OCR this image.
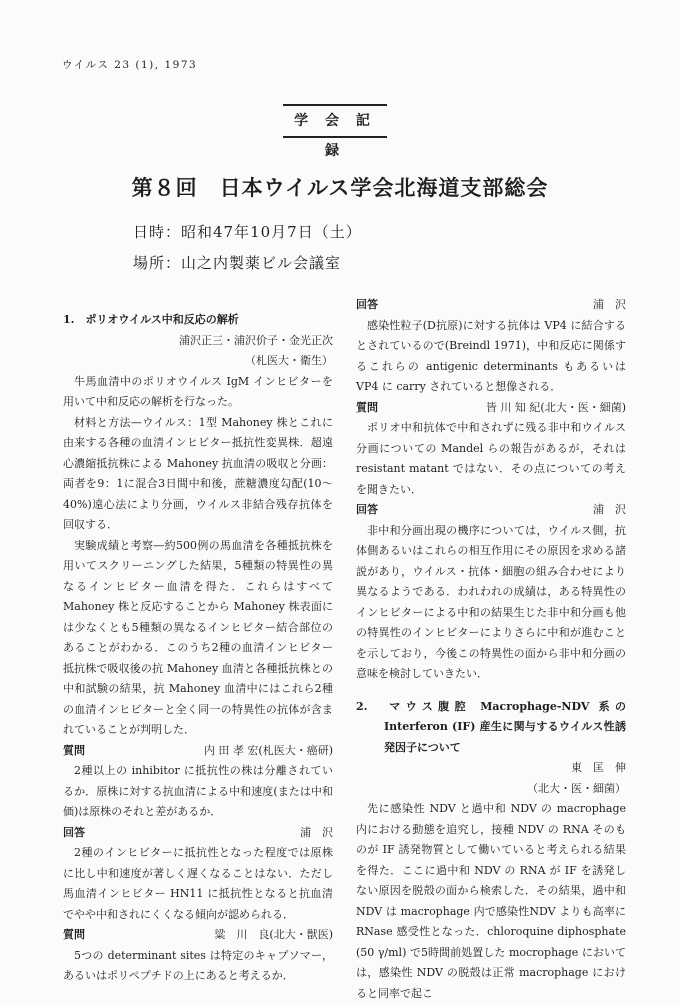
ウイルス 23 (1), 1973
学 会 記 録
第８回　日本ウイルス学会北海道支部総会
日時：昭和47年10月7日（土）
場所：山之内製薬ビル会議室

1.　ポリオウイルス中和反応の解析

浦沢正三・浦沢价子・金光正次

（札医大・衛生）

牛馬血清中のポリオウイルス IgM インヒビターを用いて中和反応の解析を行なった。

材料と方法—ウイルス：1型 Mahoney 株とこれに由来する各種の血清インヒビター抵抗性変異株．超遠心濃縮抵抗株による Mahoney 抗血清の吸収と分画：両者を9：1に混合3日間中和後，蔗糖濃度勾配(10〜40%)遠心法により分画，ウイルス非結合残存抗体を回収する．

実験成績と考察—約500例の馬血清を各種抵抗株を用いてスクリーニングした結果，5種類の特異性の異なるインヒビター血清を得た．これらはすべて Mahoney 株と反応することから Mahoney 株表面には少なくとも5種類の異なるインヒビター結合部位のあることがわかる．このうち2種の血清インヒビター抵抗株で吸収後の抗 Mahoney 血清と各種抵抗株との中和試験の結果，抗 Mahoney 血清中にはこれら2種の血清インヒビターと全く同一の特異性の抗体が含まれていることが判明した．

質問	内 田 孝 宏(札医大・癌研)

2種以上の inhibitor に抵抗性の株は分離されているか．原株に対する抗血清による中和速度(または中和価)は原株のそれと差があるか．

回答	浦　沢

2種のインヒビターに抵抗性となった程度では原株に比し中和速度が著しく遅くなることはない．ただし馬血清インヒビター HN11 に抵抗性となると抗血清でやや中和されにくくなる傾向が認められる．

質問	粱　川　良(北大・獣医)

5つの determinant sites は特定のキャプソマー，あるいはポリペプチドの上にあると考えるか．

回答	浦　沢

感染性粒子(D抗原)に対する抗体は VP4 に結合するとされているので(Breindl 1971)，中和反応に関係するこれらの antigenic determinants もあるいは VP4 に carry されていると想像される．

質問	皆 川 知 紀(北大・医・細菌)

ポリオ中和抗体で中和されずに残る非中和ウイルス分画についての Mandel らの報告があるが，それは resistant matant ではない．その点についての考えを聞きたい．

回答	浦　沢

非中和分画出現の機序については，ウイルス側，抗体側あるいはこれらの相互作用にその原因を求める諸説があり，ウイルス・抗体・細胞の組み合わせにより異なるようである．われわれの成績は，ある特異性のインヒビターによる中和の結果生じた非中和分画も他の特異性のインヒビターによりさらに中和が進むことを示しており，今後この特異性の面から非中和分画の意味を検討していきたい．

2.　マウス腹腔 Macrophage-NDV 系の Interferon (IF) 産生に関与するウイルス性誘発因子について

東　匡　伸

（北大・医・細菌）

先に感染性 NDV と過中和 NDV の macrophage 内における動態を追究し，接種 NDV の RNA そのものが IF 誘発物質として働いていると考えられる結果を得た．ここに過中和 NDV の RNA が IF を誘発しない原因を脱殻の面から検索した．その結果，過中和NDV は macrophage 内で感染性NDV よりも高率に RNase 感受性となった．chloroquine diphosphate (50 γ/ml) で5時間前処置した mocrophage においては，感染性 NDV の脱殻は正常 macrophage におけると同率で起こ
